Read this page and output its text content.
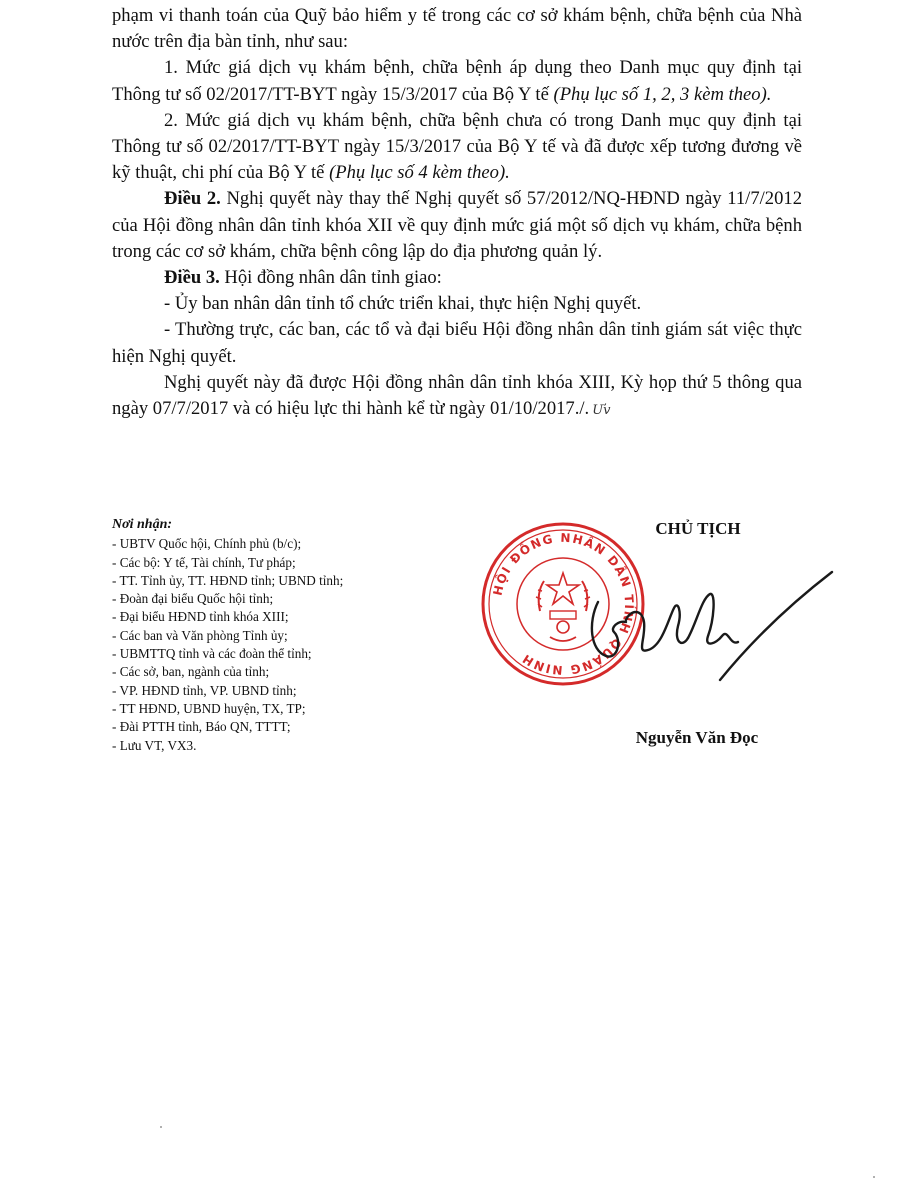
phạm vi thanh toán của Quỹ bảo hiểm y tế trong các cơ sở khám bệnh, chữa bệnh của Nhà nước trên địa bàn tỉnh, như sau:

1. Mức giá dịch vụ khám bệnh, chữa bệnh áp dụng theo Danh mục quy định tại Thông tư số 02/2017/TT-BYT ngày 15/3/2017 của Bộ Y tế (Phụ lục số 1, 2, 3 kèm theo).

2. Mức giá dịch vụ khám bệnh, chữa bệnh chưa có trong Danh mục quy định tại Thông tư số 02/2017/TT-BYT ngày 15/3/2017 của Bộ Y tế và đã được xếp tương đương về kỹ thuật, chi phí của Bộ Y tế (Phụ lục số 4 kèm theo).

Điều 2. Nghị quyết này thay thế Nghị quyết số 57/2012/NQ-HĐND ngày 11/7/2012 của Hội đồng nhân dân tỉnh khóa XII về quy định mức giá một số dịch vụ khám, chữa bệnh trong các cơ sở khám, chữa bệnh công lập do địa phương quản lý.

Điều 3. Hội đồng nhân dân tỉnh giao:

- Ủy ban nhân dân tỉnh tổ chức triển khai, thực hiện Nghị quyết.

- Thường trực, các ban, các tổ và đại biểu Hội đồng nhân dân tỉnh giám sát việc thực hiện Nghị quyết.

Nghị quyết này đã được Hội đồng nhân dân tỉnh khóa XIII, Kỳ họp thứ 5 thông qua ngày 07/7/2017 và có hiệu lực thi hành kể từ ngày 01/10/2017./. Ưv

Nơi nhận:
- UBTV Quốc hội, Chính phủ (b/c);
- Các bộ: Y tế, Tài chính, Tư pháp;
- TT. Tỉnh ủy, TT. HĐND tỉnh; UBND tỉnh;
- Đoàn đại biểu Quốc hội tỉnh;
- Đại biểu HĐND tỉnh khóa XIII;
- Các ban và Văn phòng Tỉnh ủy;
- UBMTTQ tỉnh và các đoàn thể tỉnh;
- Các sở, ban, ngành của tỉnh;
- VP. HĐND tỉnh, VP. UBND tỉnh;
- TT HĐND, UBND huyện, TX, TP;
- Đài PTTH tỉnh, Báo QN, TTTT;
- Lưu VT, VX3.
HỘI ĐỒNG NHÂN DÂN TỈNH QUẢNG NINH
CHỦ TỊCH
Nguyễn Văn Đọc
